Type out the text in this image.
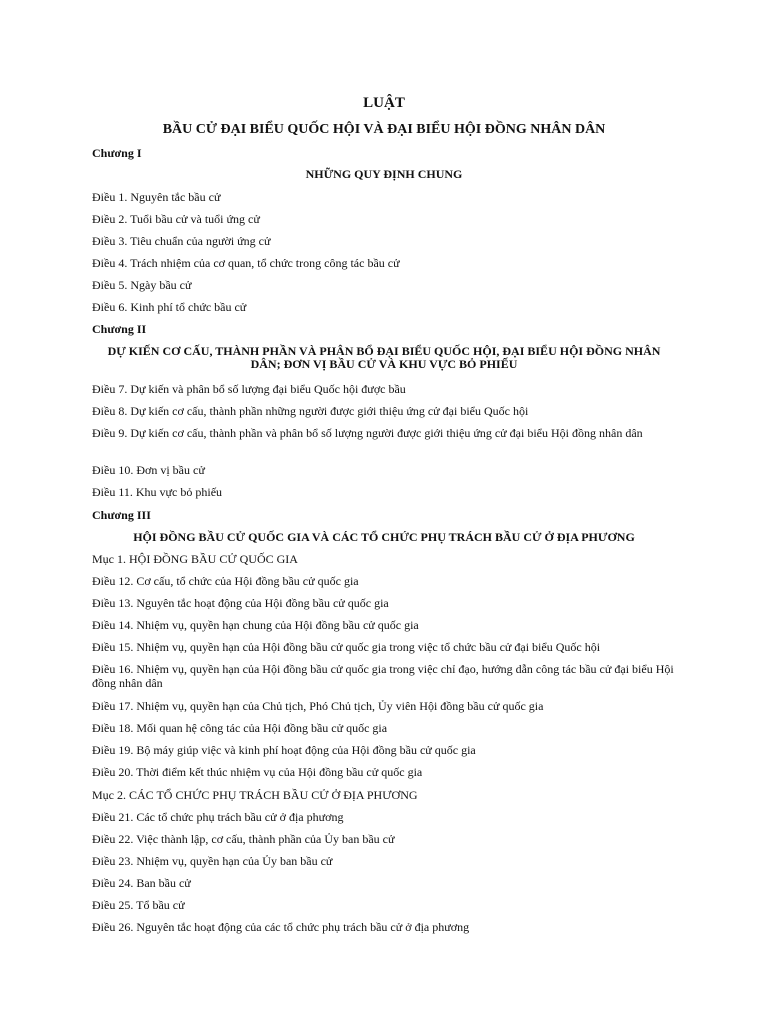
LUẬT
BẦU CỬ ĐẠI BIỂU QUỐC HỘI VÀ ĐẠI BIỂU HỘI ĐỒNG NHÂN DÂN
Chương I
NHỮNG QUY ĐỊNH CHUNG
Điều 1. Nguyên tắc bầu cử
Điều 2. Tuổi bầu cử và tuổi ứng cử
Điều 3. Tiêu chuẩn của người ứng cử
Điều 4. Trách nhiệm của cơ quan, tổ chức trong công tác bầu cử
Điều 5. Ngày bầu cử
Điều 6. Kinh phí tổ chức bầu cử
Chương II
DỰ KIẾN CƠ CẤU, THÀNH PHẦN VÀ PHÂN BỔ ĐẠI BIỂU QUỐC HỘI, ĐẠI BIỂU HỘI ĐỒNG NHÂN DÂN; ĐƠN VỊ BẦU CỬ VÀ KHU VỰC BỎ PHIẾU
Điều 7. Dự kiến và phân bổ số lượng đại biểu Quốc hội được bầu
Điều 8. Dự kiến cơ cấu, thành phần những người được giới thiệu ứng cử đại biểu Quốc hội
Điều 9. Dự kiến cơ cấu, thành phần và phân bổ số lượng người được giới thiệu ứng cử đại biểu Hội đồng nhân dân
Điều 10. Đơn vị bầu cử
Điều 11. Khu vực bỏ phiếu
Chương III
HỘI ĐỒNG BẦU CỬ QUỐC GIA VÀ CÁC TỔ CHỨC PHỤ TRÁCH BẦU CỬ Ở ĐỊA PHƯƠNG
Mục 1. HỘI ĐỒNG BẦU CỬ QUỐC GIA
Điều 12. Cơ cấu, tổ chức của Hội đồng bầu cử quốc gia
Điều 13. Nguyên tắc hoạt động của Hội đồng bầu cử quốc gia
Điều 14. Nhiệm vụ, quyền hạn chung của Hội đồng bầu cử quốc gia
Điều 15. Nhiệm vụ, quyền hạn của Hội đồng bầu cử quốc gia trong việc tổ chức bầu cử đại biểu Quốc hội
Điều 16. Nhiệm vụ, quyền hạn của Hội đồng bầu cử quốc gia trong việc chỉ đạo, hướng dẫn công tác bầu cử đại biểu Hội đồng nhân dân
Điều 17. Nhiệm vụ, quyền hạn của Chủ tịch, Phó Chủ tịch, Ủy viên Hội đồng bầu cử quốc gia
Điều 18. Mối quan hệ công tác của Hội đồng bầu cử quốc gia
Điều 19. Bộ máy giúp việc và kinh phí hoạt động của Hội đồng bầu cử quốc gia
Điều 20. Thời điểm kết thúc nhiệm vụ của Hội đồng bầu cử quốc gia
Mục 2. CÁC TỔ CHỨC PHỤ TRÁCH BẦU CỬ Ở ĐỊA PHƯƠNG
Điều 21. Các tổ chức phụ trách bầu cử ở địa phương
Điều 22. Việc thành lập, cơ cấu, thành phần của Ủy ban bầu cử
Điều 23. Nhiệm vụ, quyền hạn của Ủy ban bầu cử
Điều 24. Ban bầu cử
Điều 25. Tổ bầu cử
Điều 26. Nguyên tắc hoạt động của các tổ chức phụ trách bầu cử ở địa phương
